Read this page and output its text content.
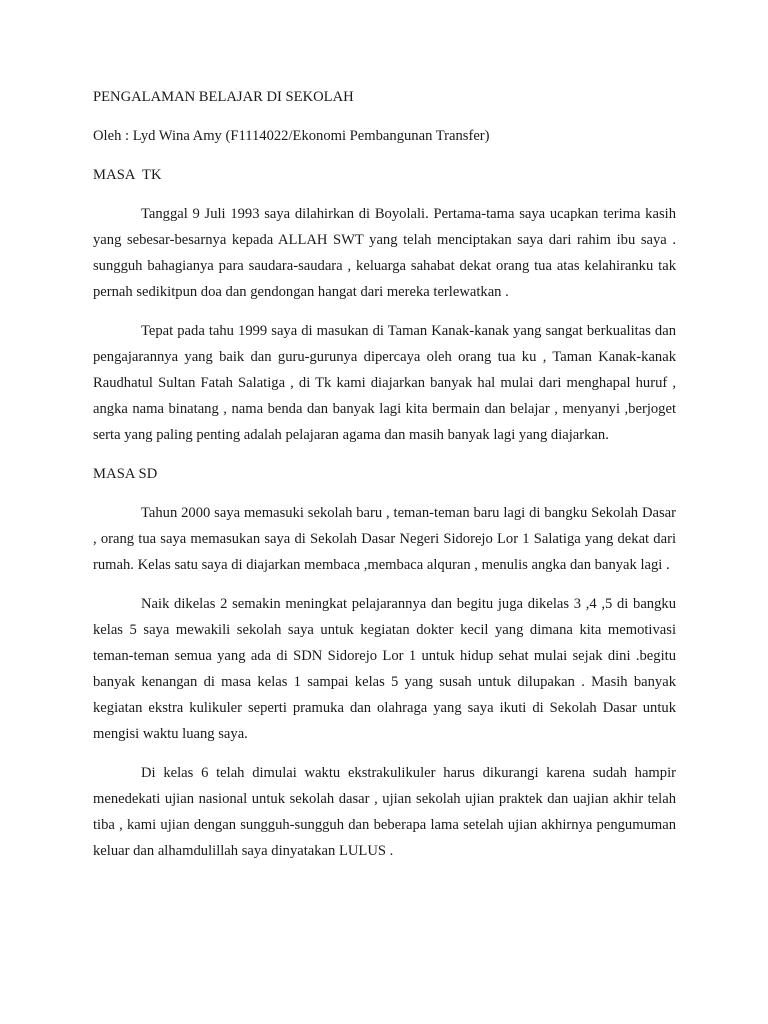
PENGALAMAN BELAJAR DI SEKOLAH

Oleh : Lyd Wina Amy (F1114022/Ekonomi Pembangunan Transfer)

MASA  TK

Tanggal 9 Juli 1993 saya dilahirkan di Boyolali. Pertama-tama saya ucapkan terima kasih yang sebesar-besarnya kepada ALLAH SWT yang telah menciptakan saya dari rahim ibu saya . sungguh bahagianya para saudara-saudara , keluarga sahabat dekat orang tua atas kelahiranku tak pernah sedikitpun doa dan gendongan hangat dari mereka terlewatkan .

Tepat pada tahu 1999 saya di masukan di Taman Kanak-kanak yang sangat berkualitas dan pengajarannya yang baik dan guru-gurunya dipercaya oleh orang tua ku , Taman Kanak-kanak Raudhatul Sultan Fatah Salatiga , di Tk kami diajarkan banyak hal mulai dari menghapal huruf , angka nama binatang , nama benda dan banyak lagi kita bermain dan belajar , menyanyi ,berjoget serta yang paling penting adalah pelajaran agama dan masih banyak lagi yang diajarkan.

MASA SD

Tahun 2000 saya memasuki sekolah baru , teman-teman baru lagi di bangku Sekolah Dasar , orang tua saya memasukan saya di Sekolah Dasar Negeri Sidorejo Lor 1 Salatiga yang dekat dari rumah. Kelas satu saya di diajarkan membaca ,membaca alquran , menulis angka dan banyak lagi .

Naik dikelas 2 semakin meningkat pelajarannya dan begitu juga dikelas 3 ,4 ,5 di bangku kelas 5 saya mewakili sekolah saya untuk kegiatan dokter kecil yang dimana kita memotivasi teman-teman semua yang ada di SDN Sidorejo Lor 1 untuk hidup sehat mulai sejak dini .begitu banyak kenangan di masa kelas 1 sampai kelas 5 yang susah untuk dilupakan . Masih banyak kegiatan ekstra kulikuler seperti pramuka dan olahraga yang saya ikuti di Sekolah Dasar untuk mengisi waktu luang saya.

Di kelas 6 telah dimulai waktu ekstrakulikuler harus dikurangi karena sudah hampir menedekati ujian nasional untuk sekolah dasar , ujian sekolah ujian praktek dan uajian akhir telah tiba , kami ujian dengan sungguh-sungguh dan beberapa lama setelah ujian akhirnya pengumuman keluar dan alhamdulillah saya dinyatakan LULUS .
